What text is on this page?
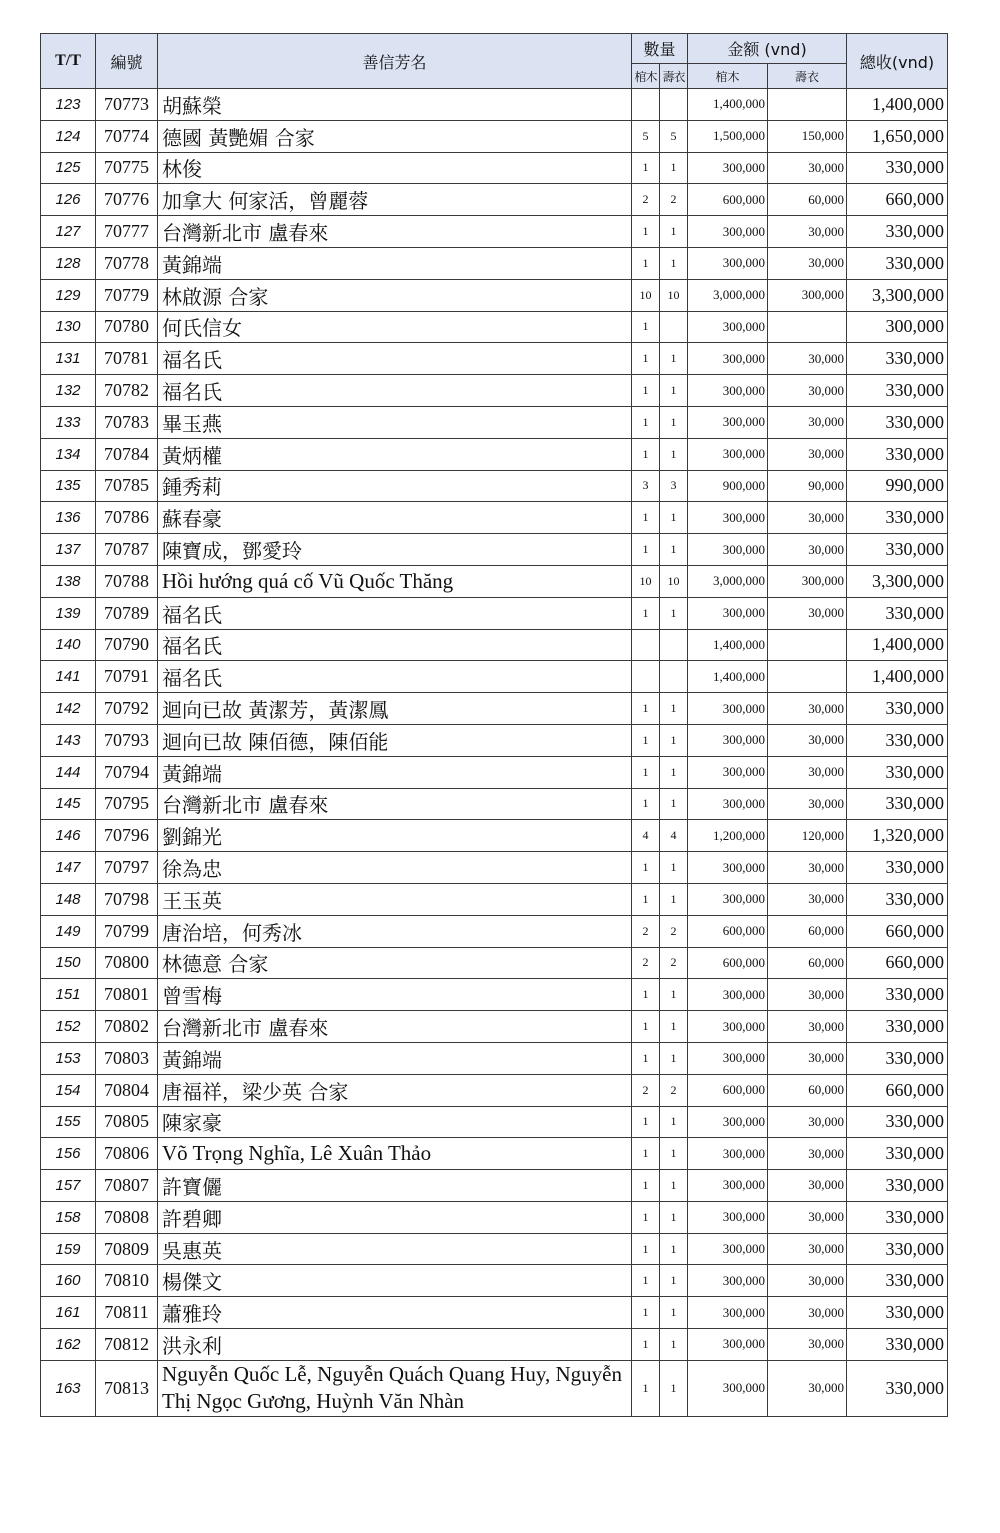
T/T	編號	善信芳名	數量		金额 (vnd)		總收(vnd)
			棺木	壽衣	棺木	壽衣	
123	70773	胡蘇榮			1,400,000		1,400,000
124	70774	德國 黃艷媚 合家	5	5	1,500,000	150,000	1,650,000
125	70775	林俊	1	1	300,000	30,000	330,000
126	70776	加拿大 何家活，曾麗蓉	2	2	600,000	60,000	660,000
127	70777	台灣新北市 盧春來	1	1	300,000	30,000	330,000
128	70778	黃錦端	1	1	300,000	30,000	330,000
129	70779	林啟源 合家	10	10	3,000,000	300,000	3,300,000
130	70780	何氏信女	1		300,000		300,000
131	70781	福名氏	1	1	300,000	30,000	330,000
132	70782	福名氏	1	1	300,000	30,000	330,000
133	70783	畢玉燕	1	1	300,000	30,000	330,000
134	70784	黃炳權	1	1	300,000	30,000	330,000
135	70785	鍾秀莉	3	3	900,000	90,000	990,000
136	70786	蘇春豪	1	1	300,000	30,000	330,000
137	70787	陳寶成，鄧愛玲	1	1	300,000	30,000	330,000
138	70788	Hồi hướng quá cố Vũ Quốc Thăng	10	10	3,000,000	300,000	3,300,000
139	70789	福名氏	1	1	300,000	30,000	330,000
140	70790	福名氏			1,400,000		1,400,000
141	70791	福名氏			1,400,000		1,400,000
142	70792	迴向已故 黃潔芳，黃潔鳳	1	1	300,000	30,000	330,000
143	70793	迴向已故 陳佰德，陳佰能	1	1	300,000	30,000	330,000
144	70794	黃錦端	1	1	300,000	30,000	330,000
145	70795	台灣新北市 盧春來	1	1	300,000	30,000	330,000
146	70796	劉錦光	4	4	1,200,000	120,000	1,320,000
147	70797	徐為忠	1	1	300,000	30,000	330,000
148	70798	王玉英	1	1	300,000	30,000	330,000
149	70799	唐治培，何秀冰	2	2	600,000	60,000	660,000
150	70800	林德意 合家	2	2	600,000	60,000	660,000
151	70801	曾雪梅	1	1	300,000	30,000	330,000
152	70802	台灣新北市 盧春來	1	1	300,000	30,000	330,000
153	70803	黃錦端	1	1	300,000	30,000	330,000
154	70804	唐福祥，梁少英 合家	2	2	600,000	60,000	660,000
155	70805	陳家豪	1	1	300,000	30,000	330,000
156	70806	Võ Trọng Nghĩa, Lê Xuân Thảo	1	1	300,000	30,000	330,000
157	70807	許寶儷	1	1	300,000	30,000	330,000
158	70808	許碧卿	1	1	300,000	30,000	330,000
159	70809	吳惠英	1	1	300,000	30,000	330,000
160	70810	楊傑文	1	1	300,000	30,000	330,000
161	70811	蕭雅玲	1	1	300,000	30,000	330,000
162	70812	洪永利	1	1	300,000	30,000	330,000
163	70813	Nguyễn Quốc Lễ, Nguyễn Quách Quang Huy, Nguyễn Thị Ngọc Gương, Huỳnh Văn Nhàn	1	1	300,000	30,000	330,000
